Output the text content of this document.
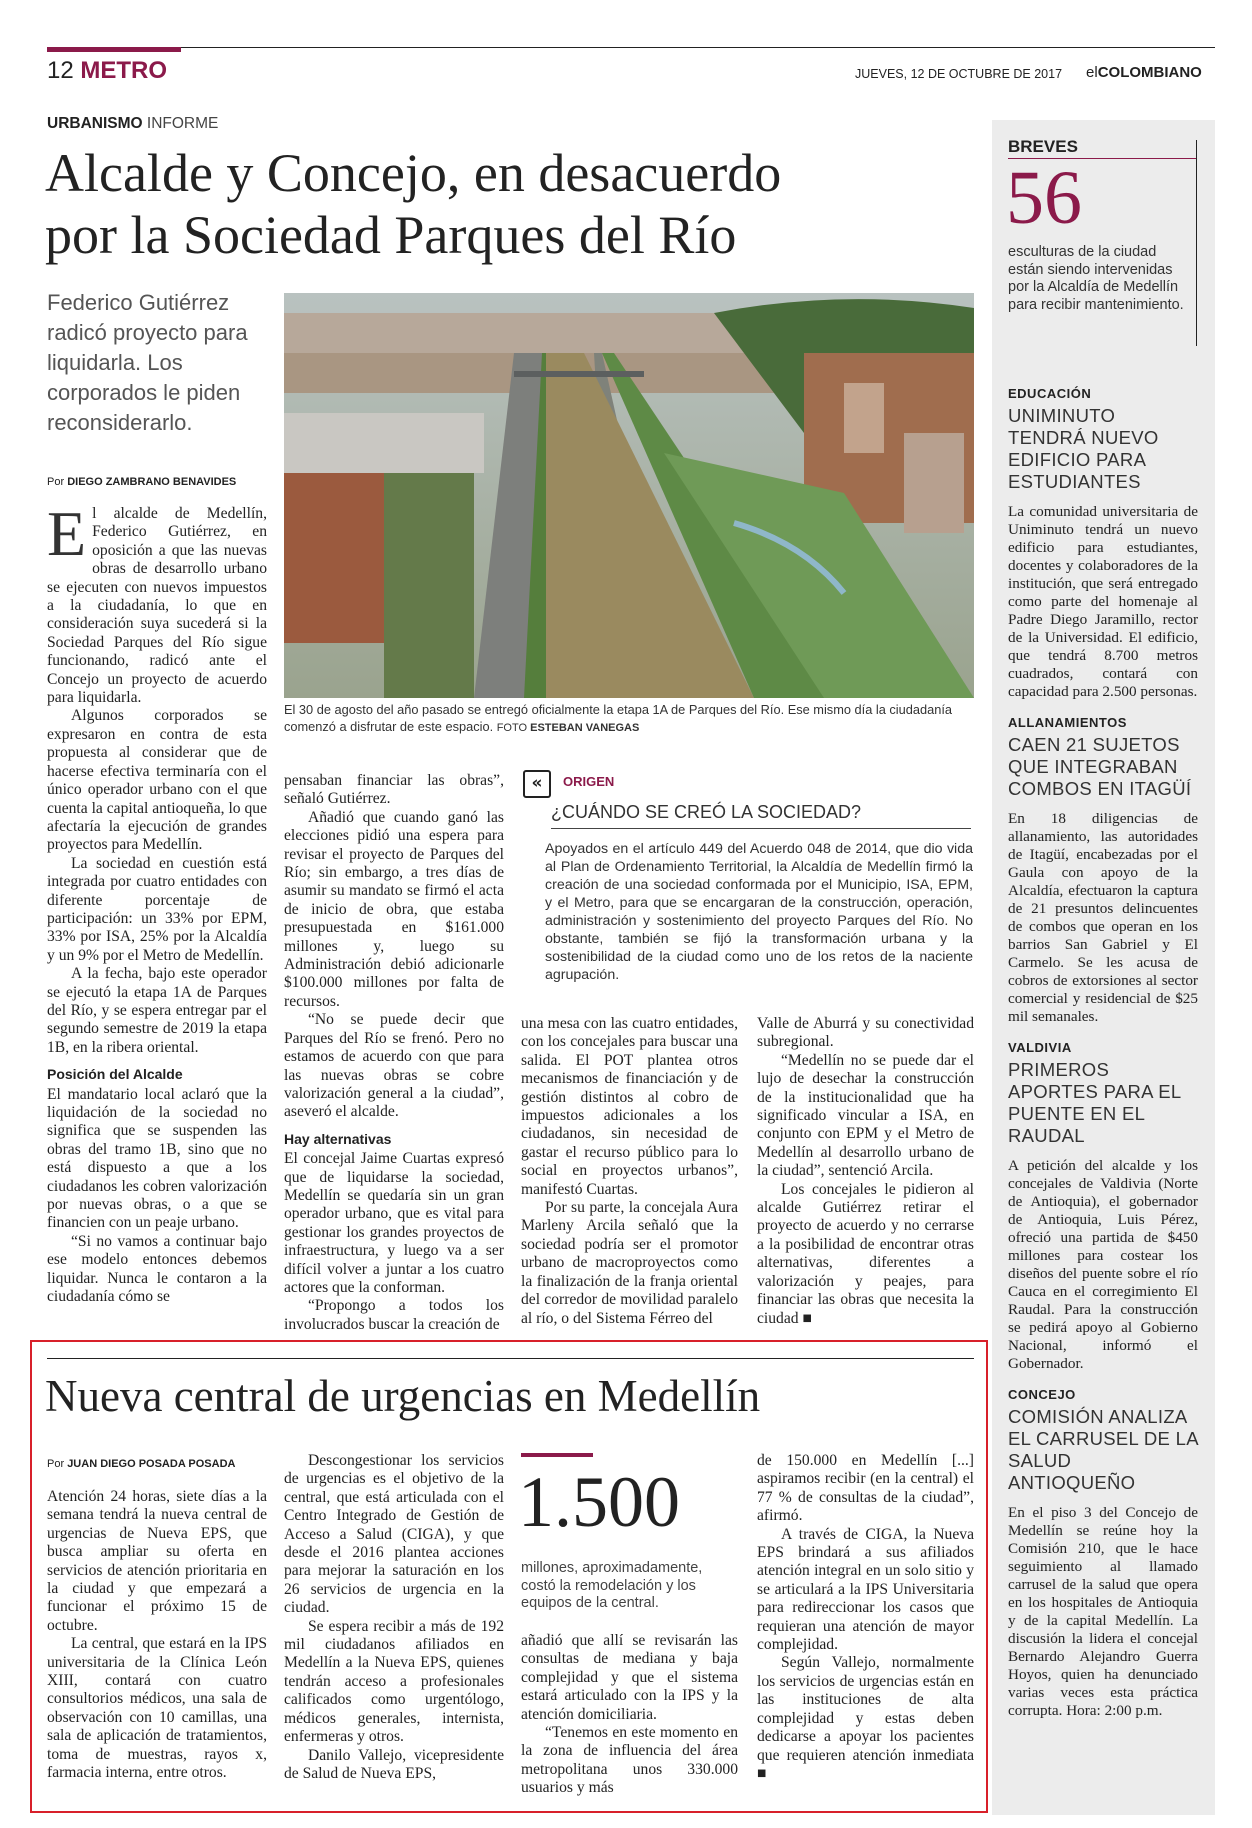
12 METRO	JUEVES, 12 DE OCTUBRE DE 2017 elCOLOMBIANO
URBANISMO INFORME
Alcalde y Concejo, en desacuerdo
por la Sociedad Parques del Río
Federico Gutiérrez radicó proyecto para liquidarla. Los corporados le piden reconsiderarlo.
Por DIEGO ZAMBRANO BENAVIDES
El 30 de agosto del año pasado se entregó oficialmente la etapa 1A de Parques del Río. Ese mismo día la ciudadanía comenzó a disfrutar de este espacio. FOTO ESTEBAN VANEGAS

El alcalde de Medellín, Federico Gutiérrez, en oposición a que las nuevas obras de desarrollo urbano se ejecuten con nuevos impuestos a la ciudadanía, lo que en consideración suya sucederá si la Sociedad Parques del Río sigue funcionando, radicó ante el Concejo un proyecto de acuerdo para liquidarla.

Algunos corporados se expresaron en contra de esta propuesta al considerar que de hacerse efectiva terminaría con el único operador urbano con el que cuenta la capital antioqueña, lo que afectaría la ejecución de grandes proyectos para Medellín.

La sociedad en cuestión está integrada por cuatro entidades con diferente porcentaje de participación: un 33% por EPM, 33% por ISA, 25% por la Alcaldía y un 9% por el Metro de Medellín.

A la fecha, bajo este operador se ejecutó la etapa 1A de Parques del Río, y se espera entregar par el segundo semestre de 2019 la etapa 1B, en la ribera oriental.

Posición del Alcalde

El mandatario local aclaró que la liquidación de la sociedad no significa que se suspenden las obras del tramo 1B, sino que no está dispuesto a que a los ciudadanos les cobren valorización por nuevas obras, o a que se financien con un peaje urbano.

“Si no vamos a continuar bajo ese modelo entonces debemos liquidar. Nunca le contaron a la ciudadanía cómo se

pensaban financiar las obras”, señaló Gutiérrez.

Añadió que cuando ganó las elecciones pidió una espera para revisar el proyecto de Parques del Río; sin embargo, a tres días de asumir su mandato se firmó el acta de inicio de obra, que estaba presupuestada en $161.000 millones y, luego su Administración debió adicionarle $100.000 millones por falta de recursos.

“No se puede decir que Parques del Río se frenó. Pero no estamos de acuerdo con que para las nuevas obras se cobre valorización general a la ciudad”, aseveró el alcalde.

Hay alternativas

El concejal Jaime Cuartas expresó que de liquidarse la sociedad, Medellín se quedaría sin un gran operador urbano, que es vital para gestionar los grandes proyectos de infraestructura, y luego va a ser difícil volver a juntar a los cuatro actores que la conforman.

“Propongo a todos los involucrados buscar la creación de

«	ORIGEN
¿CUÁNDO SE CREÓ LA SOCIEDAD?
Apoyados en el artículo 449 del Acuerdo 048 de 2014, que dio vida al Plan de Ordenamiento Territorial, la Alcaldía de Medellín firmó la creación de una sociedad conformada por el Municipio, ISA, EPM, y el Metro, para que se encargaran de la construcción, operación, administración y sostenimiento del proyecto Parques del Río. No obstante, también se fijó la transformación urbana y la sostenibilidad de la ciudad como uno de los retos de la naciente agrupación.

una mesa con las cuatro entidades, con los concejales para buscar una salida. El POT plantea otros mecanismos de financiación y de gestión distintos al cobro de impuestos adicionales a los ciudadanos, sin necesidad de gastar el recurso público para lo social en proyectos urbanos”, manifestó Cuartas.

Por su parte, la concejala Aura Marleny Arcila señaló que la sociedad podría ser el promotor urbano de macroproyectos como la finalización de la franja oriental del corredor de movilidad paralelo al río, o del Sistema Férreo del

Valle de Aburrá y su conectividad subregional.

“Medellín no se puede dar el lujo de desechar la construcción de la institucionalidad que ha significado vincular a ISA, en conjunto con EPM y el Metro de Medellín al desarrollo urbano de la ciudad”, sentenció Arcila.

Los concejales le pidieron al alcalde Gutiérrez retirar el proyecto de acuerdo y no cerrarse a la posibilidad de encontrar otras alternativas, diferentes a valorización y peajes, para financiar las obras que necesita la ciudad ■

BREVES
56
esculturas de la ciudad están siendo intervenidas por la Alcaldía de Medellín para recibir mantenimiento.
EDUCACIÓN
UNIMINUTO TENDRÁ NUEVO EDIFICIO PARA ESTUDIANTES
La comunidad universitaria de Uniminuto tendrá un nuevo edificio para estudiantes, docentes y colaboradores de la institución, que será entregado como parte del homenaje al Padre Diego Jaramillo, rector de la Universidad. El edificio, que tendrá 8.700 metros cuadrados, contará con capacidad para 2.500 personas.
ALLANAMIENTOS
CAEN 21 SUJETOS QUE INTEGRABAN COMBOS EN ITAGÜÍ
En 18 diligencias de allanamiento, las autoridades de Itagüí, encabezadas por el Gaula con apoyo de la Alcaldía, efectuaron la captura de 21 presuntos delincuentes de combos que operan en los barrios San Gabriel y El Carmelo. Se les acusa de cobros de extorsiones al sector comercial y residencial de $25 mil semanales.
VALDIVIA
PRIMEROS APORTES PARA EL PUENTE EN EL RAUDAL
A petición del alcalde y los concejales de Valdivia (Norte de Antioquia), el gobernador de Antioquia, Luis Pérez, ofreció una partida de $450 millones para costear los diseños del puente sobre el río Cauca en el corregimiento El Raudal. Para la construcción se pedirá apoyo al Gobierno Nacional, informó el Gobernador.
CONCEJO
COMISIÓN ANALIZA EL CARRUSEL DE LA SALUD ANTIOQUEÑO
En el piso 3 del Concejo de Medellín se reúne hoy la Comisión 210, que le hace seguimiento al llamado carrusel de la salud que opera en los hospitales de Antioquia y de la capital Medellín. La discusión la lidera el concejal Bernardo Alejandro Guerra Hoyos, quien ha denunciado varias veces esta práctica corrupta. Hora: 2:00 p.m.
Nueva central de urgencias en Medellín
Por JUAN DIEGO POSADA POSADA

Atención 24 horas, siete días a la semana tendrá la nueva central de urgencias de Nueva EPS, que busca ampliar su oferta en servicios de atención prioritaria en la ciudad y que empezará a funcionar el próximo 15 de octubre.

La central, que estará en la IPS universitaria de la Clínica León XIII, contará con cuatro consultorios médicos, una sala de observación con 10 camillas, una sala de aplicación de tratamientos, toma de muestras, rayos x, farmacia interna, entre otros.

Descongestionar los servicios de urgencias es el objetivo de la central, que está articulada con el Centro Integrado de Gestión de Acceso a Salud (CIGA), y que desde el 2016 plantea acciones para mejorar la saturación en los 26 servicios de urgencia en la ciudad.

Se espera recibir a más de 192 mil ciudadanos afiliados en Medellín a la Nueva EPS, quienes tendrán acceso a profesionales calificados como urgentólogo, médicos generales, internista, enfermeras y otros.

Danilo Vallejo, vicepresidente de Salud de Nueva EPS,

1.500
millones, aproximadamente, costó la remodelación y los equipos de la central.

añadió que allí se revisarán las consultas de mediana y baja complejidad y que el sistema estará articulado con la IPS y la atención domiciliaria.

“Tenemos en este momento en la zona de influencia del área metropolitana unos 330.000 usuarios y más

de 150.000 en Medellín [...] aspiramos recibir (en la central) el 77 % de consultas de la ciudad”, afirmó.

A través de CIGA, la Nueva EPS brindará a sus afiliados atención integral en un solo sitio y se articulará a la IPS Universitaria para redireccionar los casos que requieran una atención de mayor complejidad.

Según Vallejo, normalmente los servicios de urgencias están en las instituciones de alta complejidad y estas deben dedicarse a apoyar los pacientes que requieren atención inmediata ■
